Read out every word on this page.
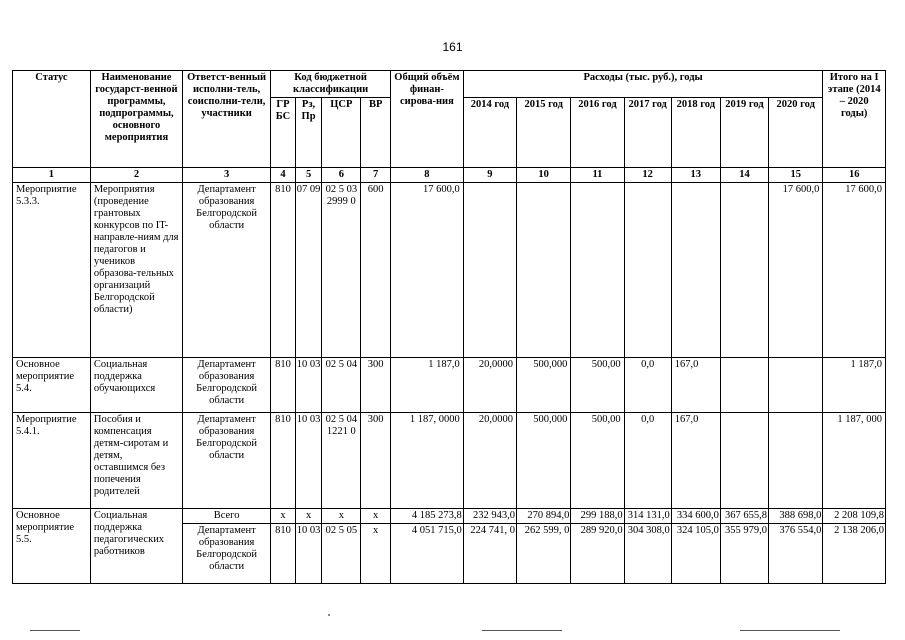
161
Статус	Наименование государст-венной программы, подпрограммы, основного мероприятия	Ответст-венный исполни-тель, соисполни-тели, участники	Код бюджетной классификации				Общий объём финан-сирова-ния	Расходы (тыс. руб.), годы							Итого на I этапе (2014 – 2020 годы)
			ГР БС	Рз, Пр	ЦСР	ВР		2014 год	2015 год	2016 год	2017 год	2018 год	2019 год	2020 год	
1	2	3	4	5	6	7	8	9	10	11	12	13	14	15	16
Мероприятие 5.3.3.	Мероприятия (проведение грантовых конкурсов по IT-направле-ниям для педагогов и учеников образова-тельных организаций Белгородской области)	Департамент образования Белгородской области	810	07 09	02 5 03 2999 0	600	17 600,0							17 600,0	17 600,0
Основное мероприятие 5.4.	Социальная поддержка обучающихся	Департамент образования Белгородской области	810	10 03	02 5 04	300	1 187,0	20,0000	500,000	500,00	0,0	167,0			1 187,0
Мероприятие 5.4.1.	Пособия и компенсация детям-сиротам и детям, оставшимся без попечения родителей	Департамент образования Белгородской области	810	10 03	02 5 04 1221 0	300	1 187, 0000	20,0000	500,000	500,00	0,0	167,0			1 187, 000
Основное мероприятие 5.5.	Социальная поддержка педагогических работников	Всего	х	х	х	х	4 185 273,8	232 943,0	270 894,0	299 188,0	314 131,0	334 600,0	367 655,8	388 698,0	2 208 109,8
		Департамент образования Белгородской области	810	10 03	02 5 05	х	4 051 715,0	224 741, 0	262 599, 0	289 920,0	304 308,0	324 105,0	355 979,0	376 554,0	2 138 206,0
